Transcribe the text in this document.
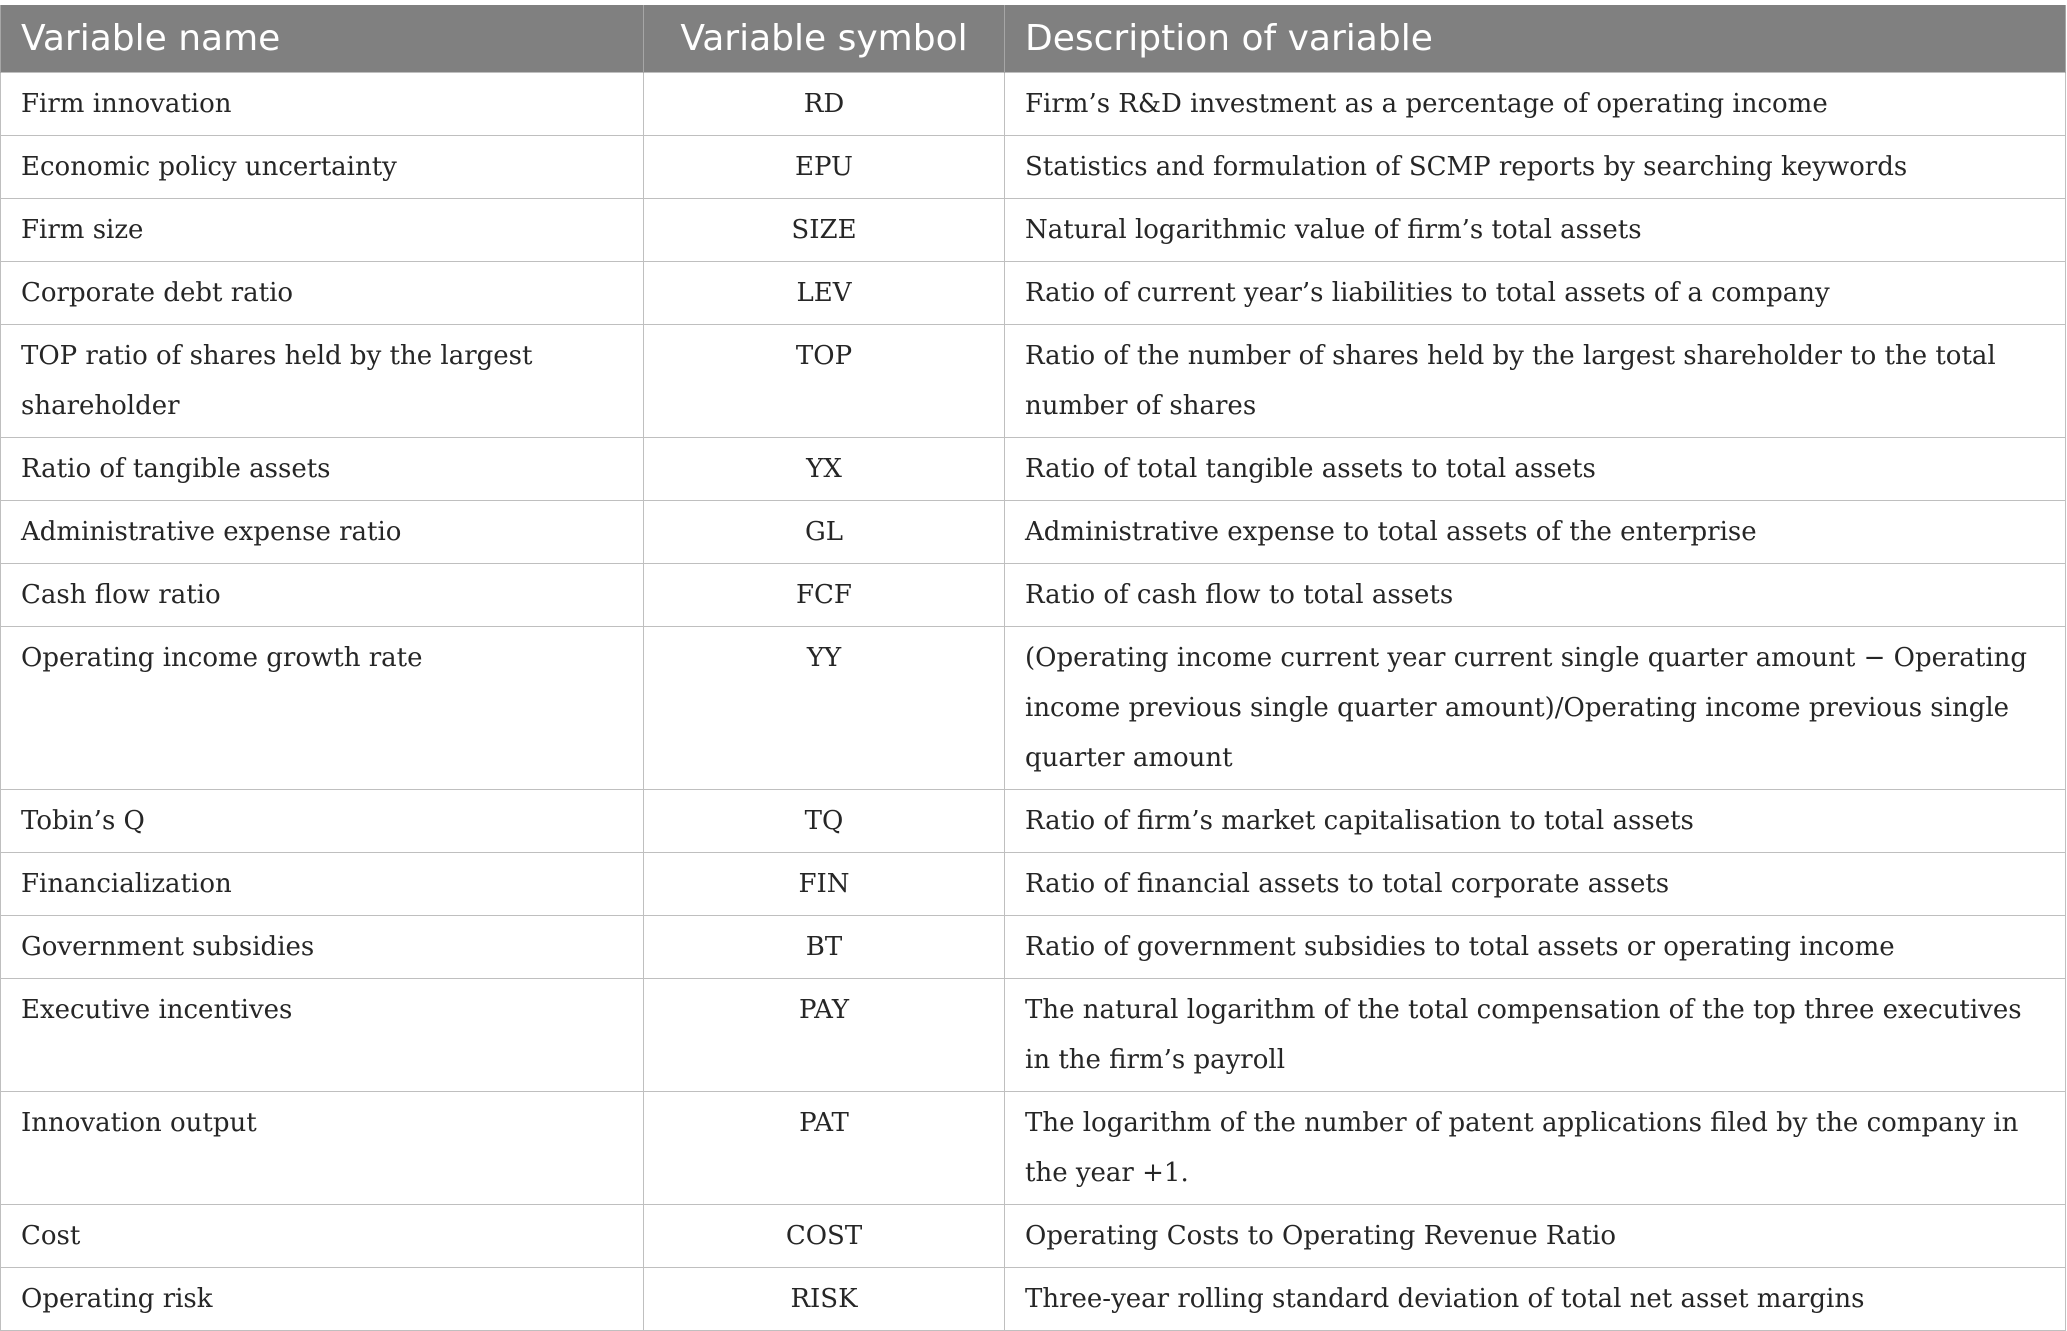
Variable name	Variable symbol	Description of variable
Firm innovation	RD	Firm’s R&D investment as a percentage of operating income
Economic policy uncertainty	EPU	Statistics and formulation of SCMP reports by searching keywords
Firm size	SIZE	Natural logarithmic value of firm’s total assets
Corporate debt ratio	LEV	Ratio of current year’s liabilities to total assets of a company
TOP ratio of shares held by the largest shareholder	TOP	Ratio of the number of shares held by the largest shareholder to the total number of shares
Ratio of tangible assets	YX	Ratio of total tangible assets to total assets
Administrative expense ratio	GL	Administrative expense to total assets of the enterprise
Cash flow ratio	FCF	Ratio of cash flow to total assets
Operating income growth rate	YY	(Operating income current year current single quarter amount − Operating income previous single quarter amount)/Operating income previous single quarter amount
Tobin’s Q	TQ	Ratio of firm’s market capitalisation to total assets
Financialization	FIN	Ratio of financial assets to total corporate assets
Government subsidies	BT	Ratio of government subsidies to total assets or operating income
Executive incentives	PAY	The natural logarithm of the total compensation of the top three executives in the firm’s payroll
Innovation output	PAT	The logarithm of the number of patent applications filed by the company in the year +1.
Cost	COST	Operating Costs to Operating Revenue Ratio
Operating risk	RISK	Three-year rolling standard deviation of total net asset margins
